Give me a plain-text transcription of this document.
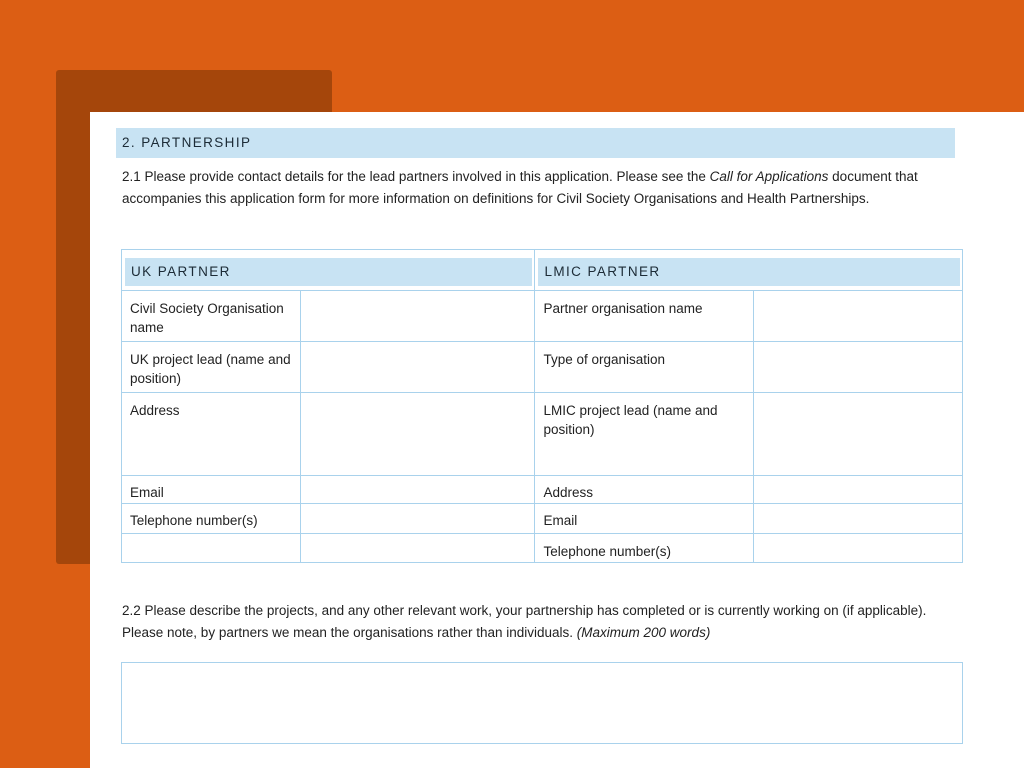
2. PARTNERSHIP

2.1 Please provide contact details for the lead partners involved in this application. Please see the Call for Applications document that accompanies this application form for more information on definitions for Civil Society Organisations and Health Partnerships.

UK PARTNER		LMIC PARTNER	

Civil Society Organisation name		Partner organisation name	
UK project lead (name and position)		Type of organisation	
Address		LMIC project lead (name and position)	
Email		Address	
Telephone number(s)		Email	
		Telephone number(s)	

2.2 Please describe the projects, and any other relevant work, your partnership has completed or is currently working on (if applicable). Please note, by partners we mean the organisations rather than individuals. (Maximum 200 words)
